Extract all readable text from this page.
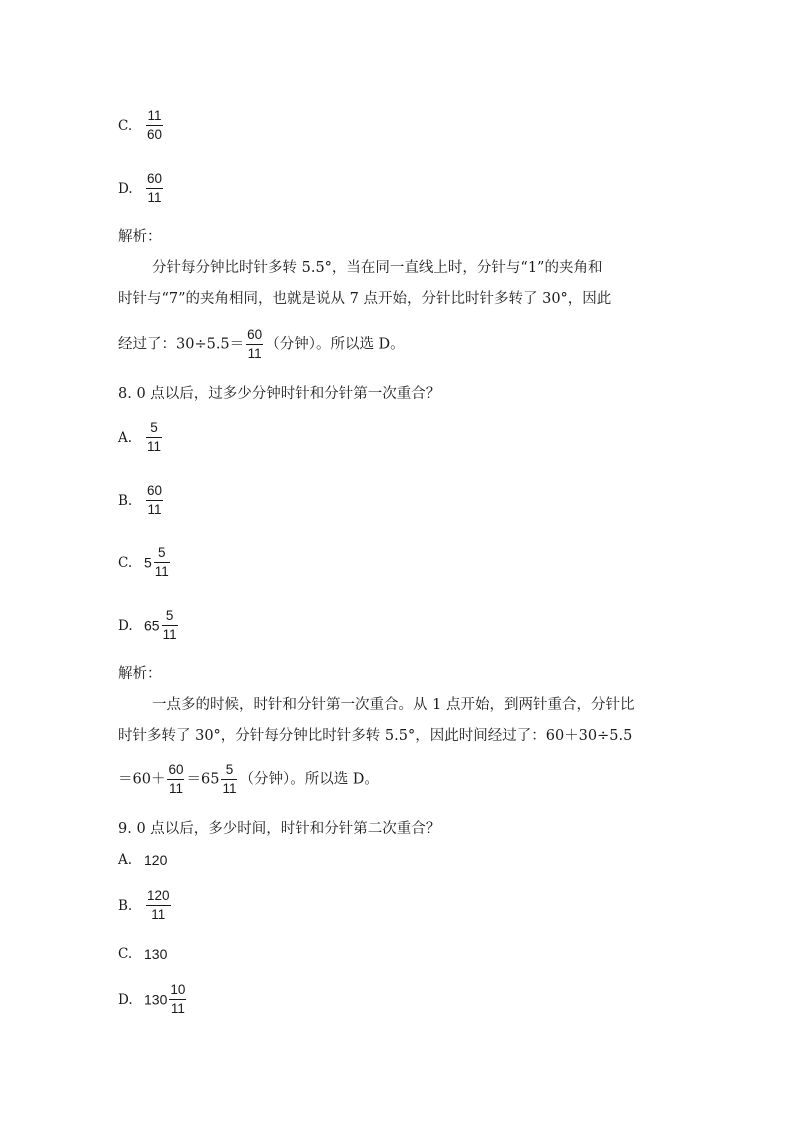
C. $\frac{11}{60}$
D. $\frac{60}{11}$
解析：
分针每分钟比时针多转 5.5°，当在同一直线上时，分针与“1”的夹角和
时针与“7”的夹角相同，也就是说从 7 点开始，分针比时针多转了 30°，因此
经过了：$30\div 5.5= \frac{60}{11}$ （分钟）。所以选 D。
8. 0 点以后，过多少分钟时针和分针第一次重合？
A. $\frac{5}{11}$
B. $\frac{60}{11}$
C. $5 \frac{5}{11}$
D. $65 \frac{5}{11}$
解析：
一点多的时候，时针和分针第一次重合。从 1 点开始，到两针重合，分针比
时针多转了 30°，分针每分钟比时针多转 5.5°，因此时间经过了：60＋30÷5.5
$=60+ \frac{60}{11} =65 \frac{5}{11}$ （分钟）。所以选 D。
9. 0 点以后，多少时间，时针和分针第二次重合？
A. 120
B. $\frac{120}{11}$
C. 130
D. $130 \frac{10}{11}$
